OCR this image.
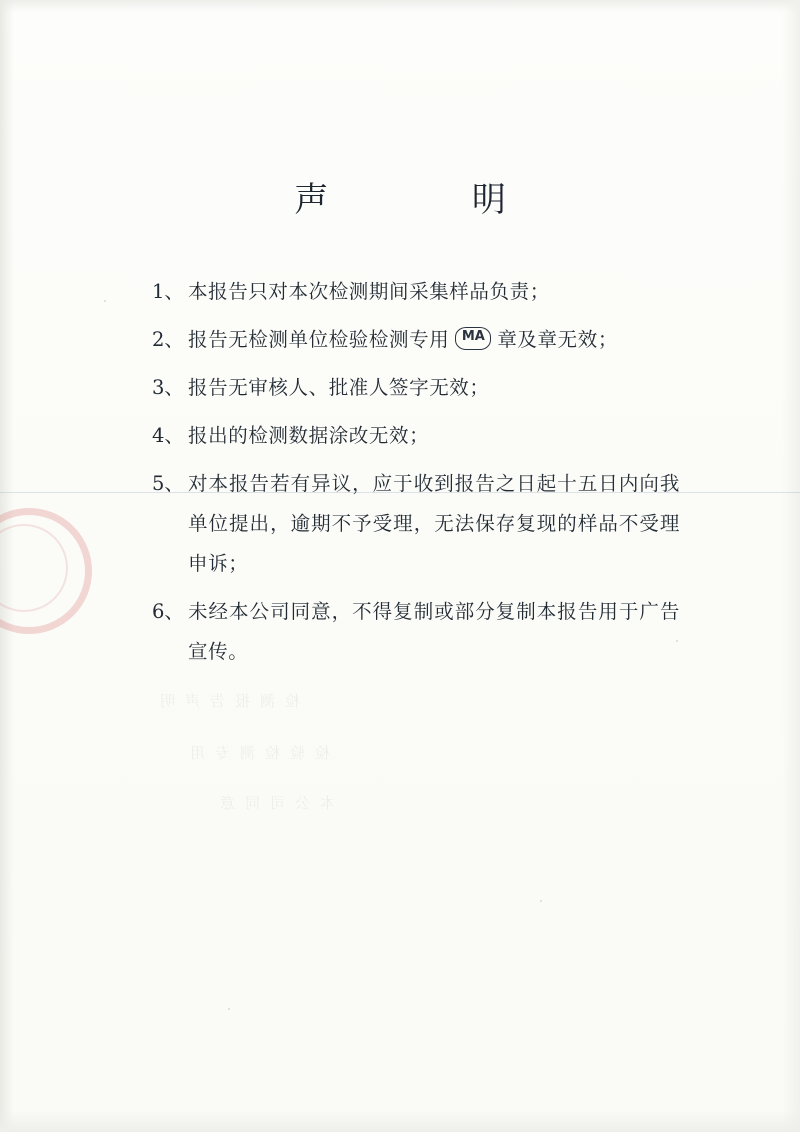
检测报告声明
检验检测专用
本公司同意
声	明
1、 本报告只对本次检测期间采集样品负责；
2、 报告无检测单位检验检测专用 MA 章及章无效；
3、 报告无审核人、批准人签字无效；
4、 报出的检测数据涂改无效；
5、 对本报告若有异议，应于收到报告之日起十五日内向我单位提出，逾期不予受理，无法保存复现的样品不受理申诉；
6、 未经本公司同意，不得复制或部分复制本报告用于广告宣传。
